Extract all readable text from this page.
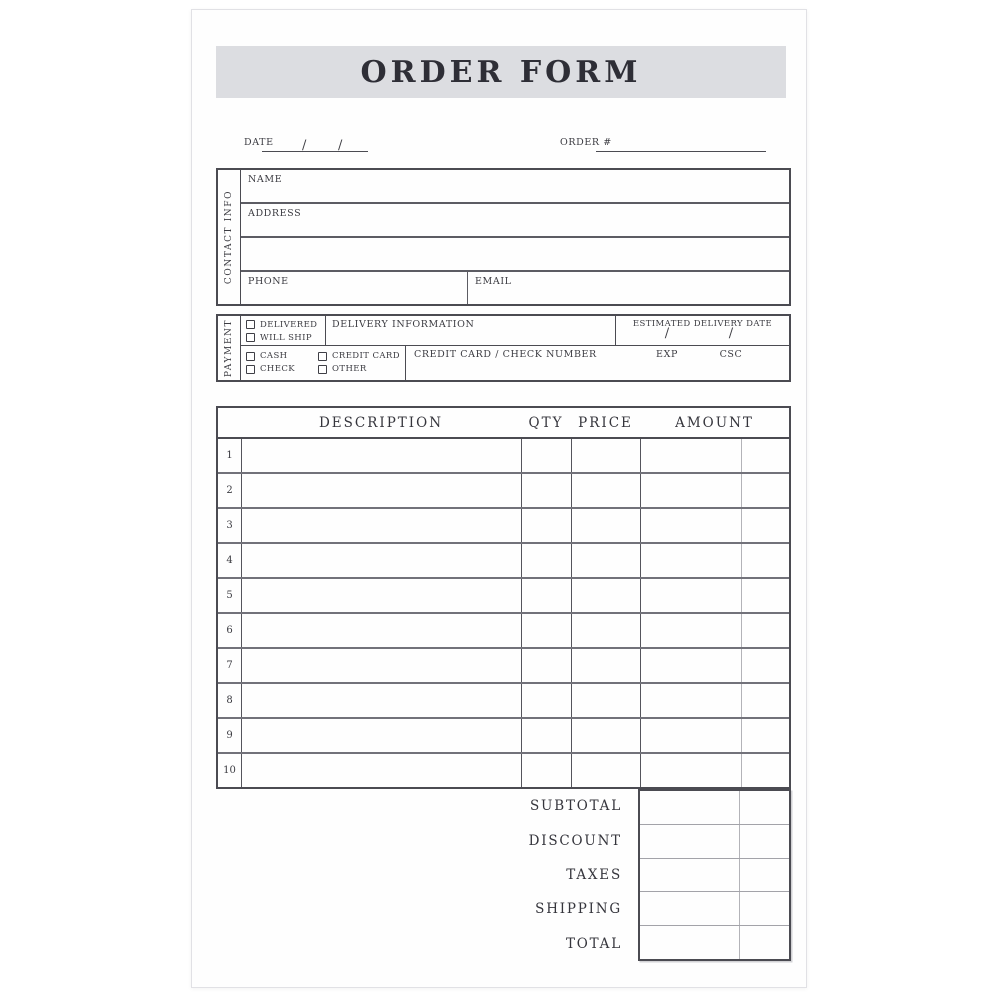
ORDER FORM
DATE / /	ORDER #
CONTACT INFO
NAME
ADDRESS
PHONE	EMAIL
PAYMENT	DELIVERED
WILL SHIP
DELIVERY INFORMATION	ESTIMATED DELIVERY DATE
/	/
CASH
CHECK
CREDIT CARD
OTHER
CREDIT CARD / CHECK NUMBER	EXP	CSC
DESCRIPTION	QTY	PRICE	AMOUNT
1
2
3
4
5
6
7
8
9
10
SUBTOTAL
DISCOUNT
TAXES
SHIPPING
TOTAL
